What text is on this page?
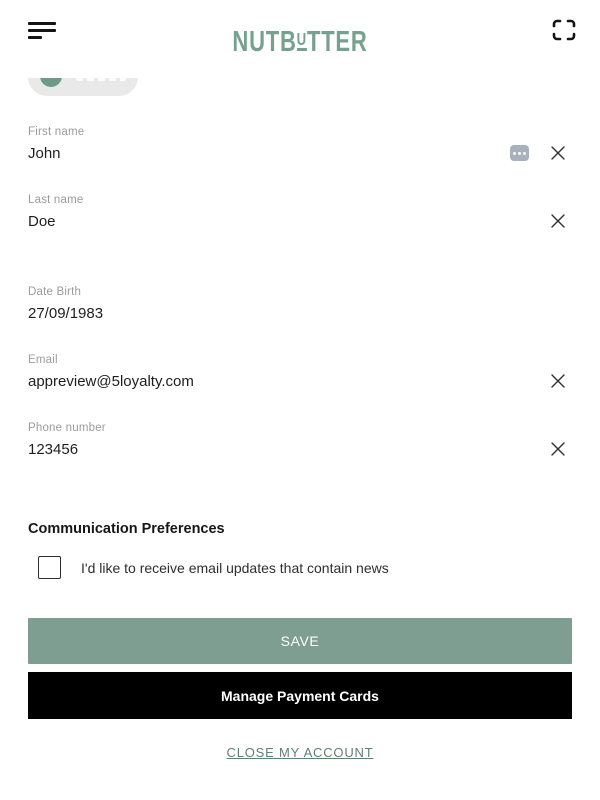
NUTBUTTER
First name
John
Last name
Doe
Date Birth
27/09/1983
Email
appreview@5loyalty.com
Phone number
123456
Communication Preferences
I'd like to receive email updates that contain news
SAVE
Manage Payment Cards
CLOSE MY ACCOUNT
